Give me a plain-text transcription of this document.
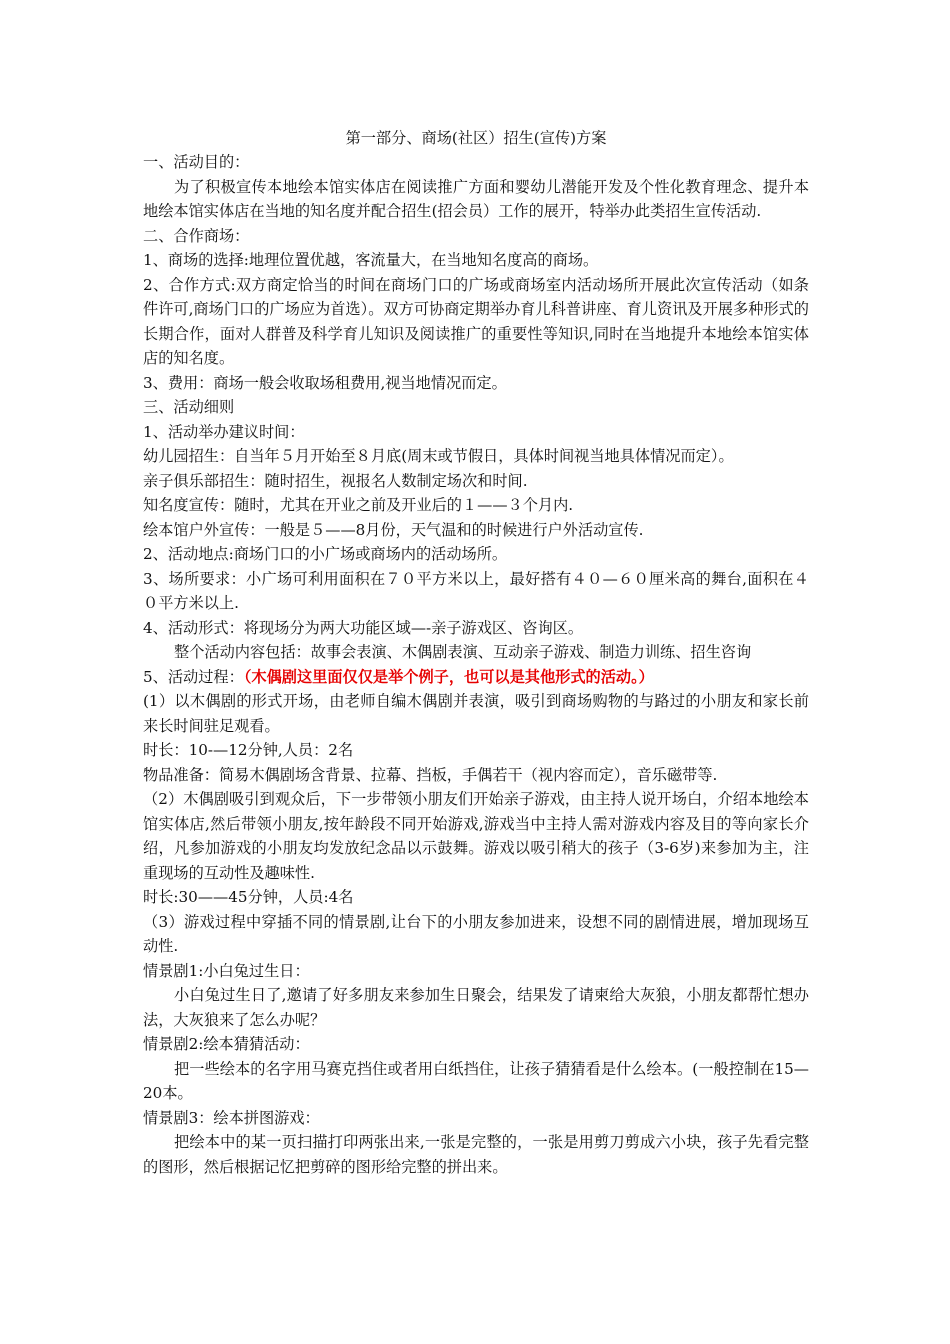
第一部分、商场(社区）招生(宣传)方案

一、活动目的：

为了积极宣传本地绘本馆实体店在阅读推广方面和婴幼儿潜能开发及个性化教育理念、提升本地绘本馆实体店在当地的知名度并配合招生(招会员）工作的展开，特举办此类招生宣传活动.

二、合作商场：

1、商场的选择:地理位置优越，客流量大，在当地知名度高的商场。

2、合作方式:双方商定恰当的时间在商场门口的广场或商场室内活动场所开展此次宣传活动（如条件许可,商场门口的广场应为首选）。双方可协商定期举办育儿科普讲座、育儿资讯及开展多种形式的长期合作，面对人群普及科学育儿知识及阅读推广的重要性等知识,同时在当地提升本地绘本馆实体店的知名度。

3、费用：商场一般会收取场租费用,视当地情况而定。

三、活动细则

1、活动举办建议时间：

幼儿园招生：自当年５月开始至８月底(周末或节假日，具体时间视当地具体情况而定）。

亲子俱乐部招生：随时招生，视报名人数制定场次和时间.

知名度宣传：随时，尤其在开业之前及开业后的１——３个月内.

绘本馆户外宣传：一般是５——8月份，天气温和的时候进行户外活动宣传.

2、活动地点:商场门口的小广场或商场内的活动场所。

3、场所要求：小广场可利用面积在７０平方米以上，最好搭有４０—６０厘米高的舞台,面积在４０平方米以上.

4、活动形式：将现场分为两大功能区域—-亲子游戏区、咨询区。

整个活动内容包括：故事会表演、木偶剧表演、互动亲子游戏、制造力训练、招生咨询

5、活动过程：（木偶剧这里面仅仅是举个例子，也可以是其他形式的活动。）

(1）以木偶剧的形式开场，由老师自编木偶剧并表演，吸引到商场购物的与路过的小朋友和家长前来长时间驻足观看。

时长：10-—12分钟,人员：2名

物品准备：简易木偶剧场含背景、拉幕、挡板，手偶若干（视内容而定），音乐磁带等.

（2）木偶剧吸引到观众后，下一步带领小朋友们开始亲子游戏，由主持人说开场白，介绍本地绘本馆实体店,然后带领小朋友,按年龄段不同开始游戏,游戏当中主持人需对游戏内容及目的等向家长介绍，凡参加游戏的小朋友均发放纪念品以示鼓舞。游戏以吸引稍大的孩子（3-6岁)来参加为主，注重现场的互动性及趣味性.

时长:30——45分钟，人员:4名

（3）游戏过程中穿插不同的情景剧,让台下的小朋友参加进来，设想不同的剧情进展，增加现场互动性.

情景剧1:小白兔过生日：

小白兔过生日了,邀请了好多朋友来参加生日聚会，结果发了请柬给大灰狼，小朋友都帮忙想办法，大灰狼来了怎么办呢？

情景剧2:绘本猜猜活动：

把一些绘本的名字用马赛克挡住或者用白纸挡住，让孩子猜猜看是什么绘本。(一般控制在15—20本。

情景剧3：绘本拼图游戏：

把绘本中的某一页扫描打印两张出来,一张是完整的，一张是用剪刀剪成六小块，孩子先看完整的图形，然后根据记忆把剪碎的图形给完整的拼出来。
